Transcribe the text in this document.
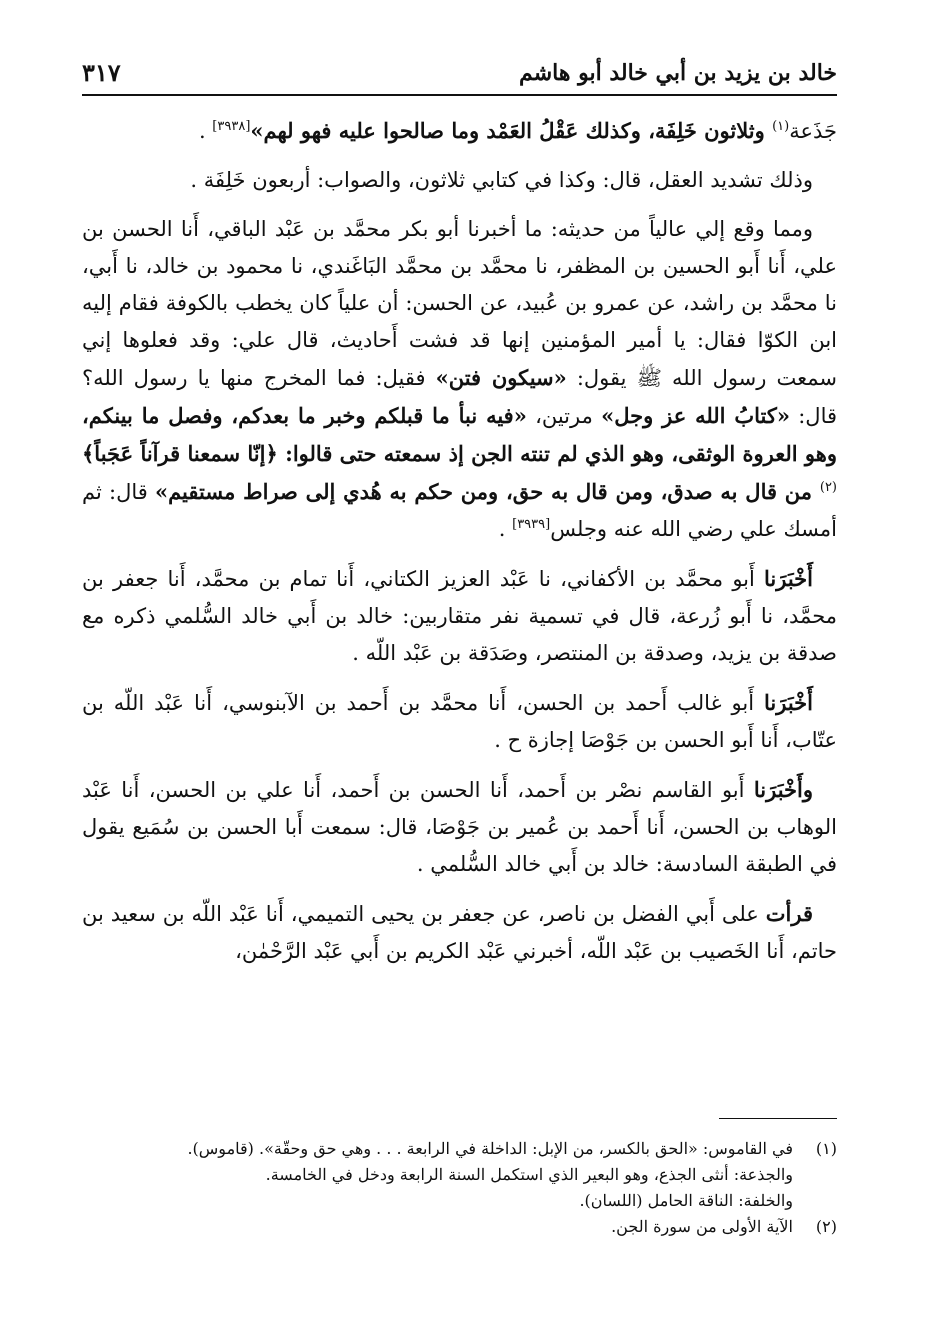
خالد بن يزيد بن أبي خالد أبو هاشم
٣١٧

جَذَعة$^{(١)}$ وثلاثون خَلِفَة، وكذلك عَقْلُ العَمْد وما صالحوا عليه فهو لهم»[٣٩٣٨] .

وذلك تشديد العقل، قال: وكذا في كتابي ثلاثون، والصواب: أربعون خَلِفَة .

ومما وقع إلي عالياً من حديثه: ما أخبرنا أبو بكر محمَّد بن عَبْد الباقي، أَنا الحسن بن علي، أَنا أَبو الحسين بن المظفر، نا محمَّد بن محمَّد البَاغَندي، نا محمود بن خالد، نا أَبي، نا محمَّد بن راشد، عن عمرو بن عُبيد، عن الحسن: أن علياً كان يخطب بالكوفة فقام إليه ابن الكوّا فقال: يا أمير المؤمنين إنها قد فشت أَحاديث، قال علي: وقد فعلوها إني سمعت رسول الله ﷺ يقول: «سيكون فتن» فقيل: فما المخرج منها يا رسول الله؟ قال: «كتابُ الله عز وجل» مرتين، «فيه نبأ ما قبلكم وخبر ما بعدكم، وفصل ما بينكم، وهو العروة الوثقى، وهو الذي لم تنته الجن إذ سمعته حتى قالوا: ﴿إنّا سمعنا قرآناً عَجَباً﴾$^{(٢)}$ من قال به صدق، ومن قال به حق، ومن حكم به هُدي إلى صراط مستقيم» قال: ثم أمسك علي رضي الله عنه وجلس[٣٩٣٩] .

أَخْبَرَنا أَبو محمَّد بن الأكفاني، نا عَبْد العزيز الكتاني، أَنا تمام بن محمَّد، أَنا جعفر بن محمَّد، نا أَبو زُرعة، قال في تسمية نفر متقاربين: خالد بن أَبي خالد السُّلمي ذكره مع صدقة بن يزيد، وصدقة بن المنتصر، وصَدَقة بن عَبْد اللّه .

أَخْبَرَنا أَبو غالب أَحمد بن الحسن، أَنا محمَّد بن أَحمد بن الآبنوسي، أَنا عَبْد اللّه بن عتّاب، أَنا أَبو الحسن بن جَوْصَا إجازة ح .

وأَخْبَرَنا أَبو القاسم نصْر بن أَحمد، أَنا الحسن بن أَحمد، أَنا علي بن الحسن، أَنا عَبْد الوهاب بن الحسن، أَنا أَحمد بن عُمير بن جَوْصَا، قال: سمعت أَبا الحسن بن سُمَيع يقول في الطبقة السادسة: خالد بن أَبي خالد السُّلمي .

قرأت على أَبي الفضل بن ناصر، عن جعفر بن يحيى التميمي، أَنا عَبْد اللّه بن سعيد بن حاتم، أَنا الخَصيب بن عَبْد اللّه، أخبرني عَبْد الكريم بن أَبي عَبْد الرَّحْمٰن،

(١)
في القاموس: «الحق بالكسر، من الإبل: الداخلة في الرابعة . . . وهي حق وحقّة». (قاموس).

والجذعة: أنثى الجذع، وهو البعير الذي استكمل السنة الرابعة ودخل في الخامسة.

والخلفة: الناقة الحامل (اللسان).

(٢)
الآية الأولى من سورة الجن.
